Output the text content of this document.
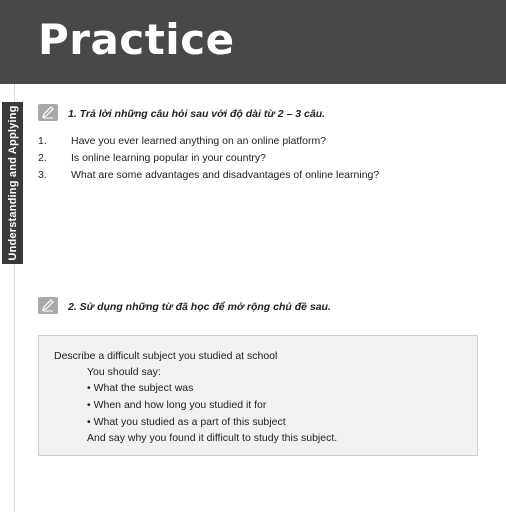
Practice
Understanding and Applying	1. Trả lời những câu hỏi sau với độ dài từ 2 – 3 câu.
1. Have you ever learned anything on an online platform?
2. Is online learning popular in your country?
3. What are some advantages and disadvantages of online learning?
2. Sử dụng những từ đã học để mở rộng chủ đề sau.
Describe a difficult subject you studied at school
You should say:
• What the subject was
• When and how long you studied it for
• What you studied as a part of this subject
And say why you found it difficult to study this subject.
